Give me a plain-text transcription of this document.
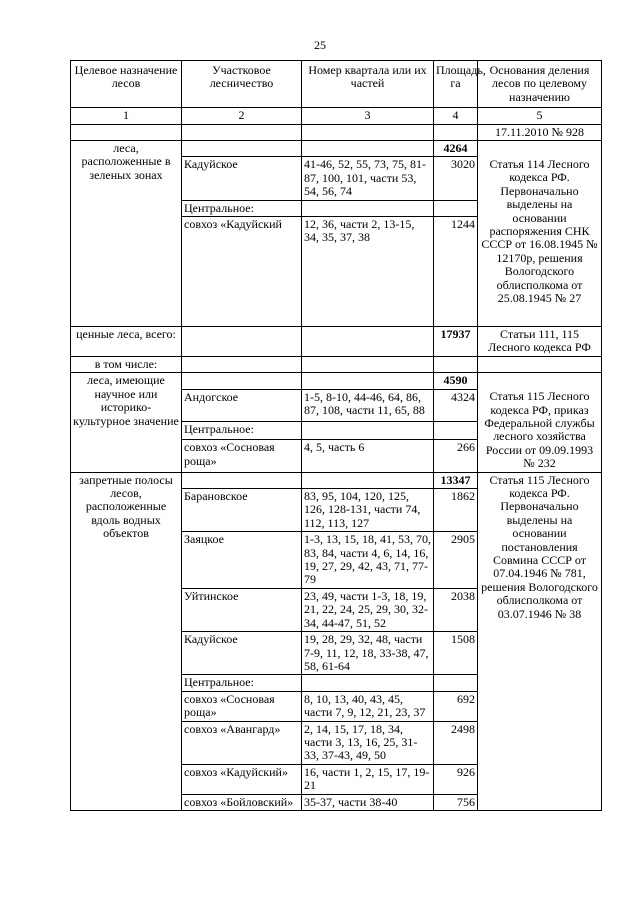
25
Целевое назначение лесов	Участковое лесничество	Номер квартала или их частей	Площадь, га	Основания деления лесов по целевому назначению
1	2	3	4	5
				17.11.2010 № 928
леса, расположенные в зеленых зонах			4264	
	Кадуйское	41-46, 52, 55, 73, 75, 81-87, 100, 101, части 53, 54, 56, 74	3020	Статья 114 Лесного кодекса РФ. Первоначально выделены на основании распоряжения СНК СССР от 16.08.1945 № 12170р, решения Вологодского облисполкома от 25.08.1945 № 27
	Центральное:			
	совхоз «Кадуйский	12, 36, части 2, 13-15, 34, 35, 37, 38	1244	
ценные леса, всего:			17937	Статьи 111, 115 Лесного кодекса РФ
в том числе:				
леса, имеющие научное или историко-культурное значение			4590	
	Андогское	1-5, 8-10, 44-46, 64, 86, 87, 108, части 11, 65, 88	4324	Статья 115 Лесного кодекса РФ, приказ Федеральной службы лесного хозяйства России от 09.09.1993 № 232
	Центральное:			
	совхоз «Сосновая роща»	4, 5, часть 6	266	
запретные полосы лесов, расположенные вдоль водных объектов			13347	Статья 115 Лесного кодекса РФ. Первоначально выделены на основании постановления Совмина СССР от 07.04.1946 № 781, решения Вологодского облисполкома от 03.07.1946 № 38
	Барановское	83, 95, 104, 120, 125, 126, 128-131, части 74, 112, 113, 127	1862	
	Заяцкое	1-3, 13, 15, 18, 41, 53, 70, 83, 84, части 4, 6, 14, 16, 19, 27, 29, 42, 43, 71, 77-79	2905	
	Уйтинское	23, 49, части 1-3, 18, 19, 21, 22, 24, 25, 29, 30, 32-34, 44-47, 51, 52	2038	
	Кадуйское	19, 28, 29, 32, 48, части 7-9, 11, 12, 18, 33-38, 47, 58, 61-64	1508	
	Центральное:			
	совхоз «Сосновая роща»	8, 10, 13, 40, 43, 45, части 7, 9, 12, 21, 23, 37	692	
	совхоз «Авангард»	2, 14, 15, 17, 18, 34, части 3, 13, 16, 25, 31-33, 37-43, 49, 50	2498	
	совхоз «Кадуйский»	16, части 1, 2, 15, 17, 19-21	926	
	совхоз «Бойловский»	35-37, части 38-40	756	
